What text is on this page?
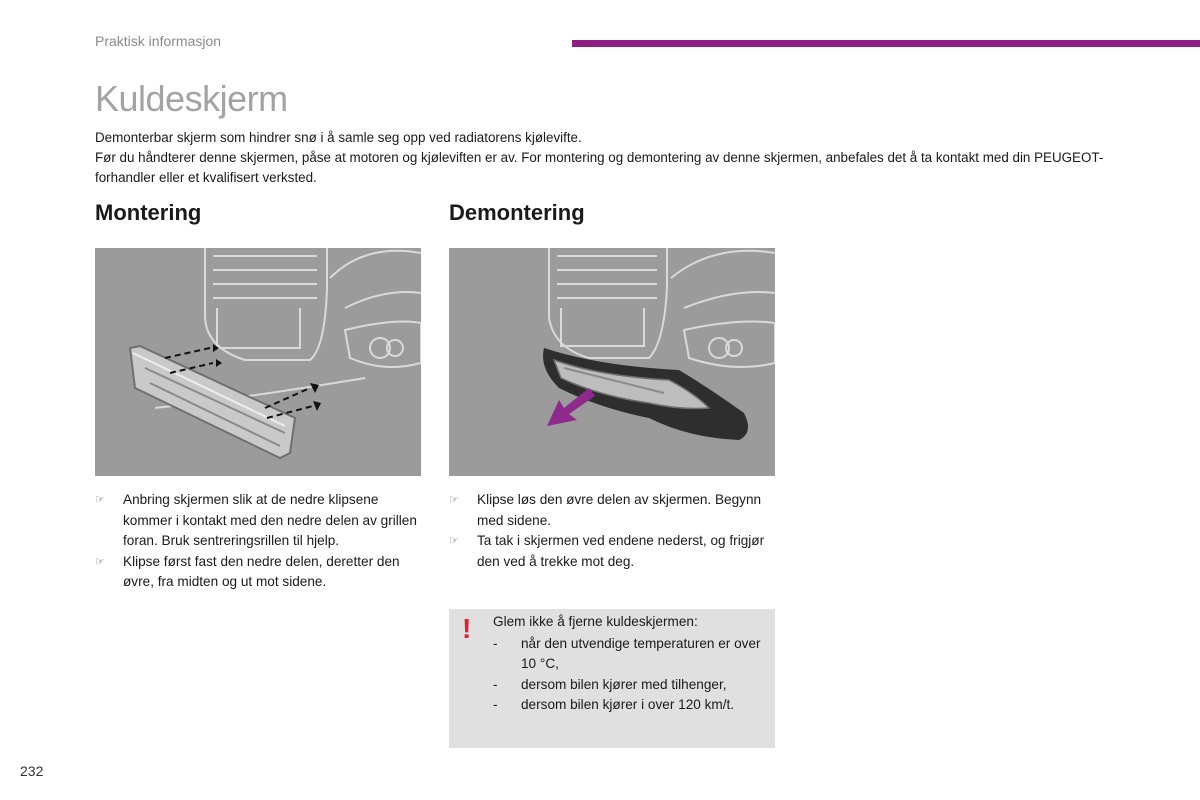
Praktisk informasjon
Kuldeskjerm

Demonterbar skjerm som hindrer snø i å samle seg opp ved radiatorens kjølevifte.

Før du håndterer denne skjermen, påse at motoren og kjøleviften er av. For montering og demontering av denne skjermen, anbefales det å ta kontakt med din PEUGEOT-forhandler eller et kvalifisert verksted.

Montering
☞ Anbring skjermen slik at de nedre klipsene kommer i kontakt med den nedre delen av grillen foran. Bruk sentreringsrillen til hjelp.
☞ Klipse først fast den nedre delen, deretter den øvre, fra midten og ut mot sidene.
Demontering
☞ Klipse løs den øvre delen av skjermen. Begynn med sidene.
☞ Ta tak i skjermen ved endene nederst, og frigjør den ved å trekke mot deg.
! Glem ikke å fjerne kuldeskjermen:
- når den utvendige temperaturen er over 10 °C,
- dersom bilen kjører med tilhenger,
- dersom bilen kjører i over 120 km/t.
232
